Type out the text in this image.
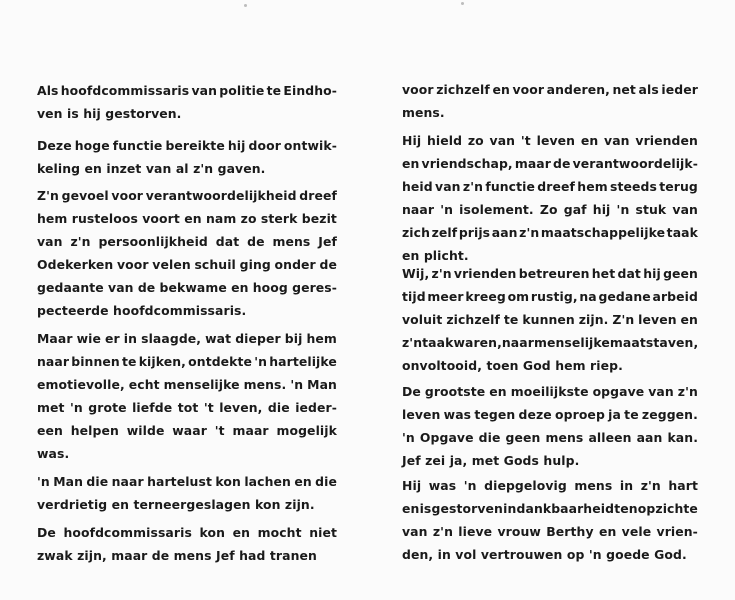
Als hoofdcommissaris van politie te Eindho-
ven is hij gestorven.
Deze hoge functie bereikte hij door ontwik-
keling en inzet van al z'n gaven.
Z'n gevoel voor verantwoordelijkheid dreef
hem rusteloos voort en nam zo sterk bezit
van z'n persoonlijkheid dat de mens Jef
Odekerken voor velen schuil ging onder de
gedaante van de bekwame en hoog geres-
pecteerde hoofdcommissaris.
Maar wie er in slaagde, wat dieper bij hem
naar binnen te kijken, ontdekte 'n hartelijke
emotievolle, echt menselijke mens. 'n Man
met 'n grote liefde tot 't leven, die ieder-
een helpen wilde waar 't maar mogelijk
was.
'n Man die naar hartelust kon lachen en die
verdrietig en terneergeslagen kon zijn.
De hoofdcommissaris kon en mocht niet
zwak zijn, maar de mens Jef had tranen
voor zichzelf en voor anderen, net als ieder
mens.
Hij hield zo van 't leven en van vrienden
en vriendschap, maar de verantwoordelijk-
heid van z'n functie dreef hem steeds terug
naar 'n isolement. Zo gaf hij 'n stuk van
zich zelf prijs aan z'n maatschappelijke taak
en plicht.
Wij, z'n vrienden betreuren het dat hij geen
tijd meer kreeg om rustig, na gedane arbeid
voluit zichzelf te kunnen zijn. Z'n leven en
z'n taak waren, naar menselijke maatstaven,
onvoltooid, toen God hem riep.
De grootste en moeilijkste opgave van z'n
leven was tegen deze oproep ja te zeggen.
'n Opgave die geen mens alleen aan kan.
Jef zei ja, met Gods hulp.
Hij was 'n diepgelovig mens in z'n hart
en is gestorven in dankbaarheid ten opzichte
van z'n lieve vrouw Berthy en vele vrien-
den, in vol vertrouwen op 'n goede God.
